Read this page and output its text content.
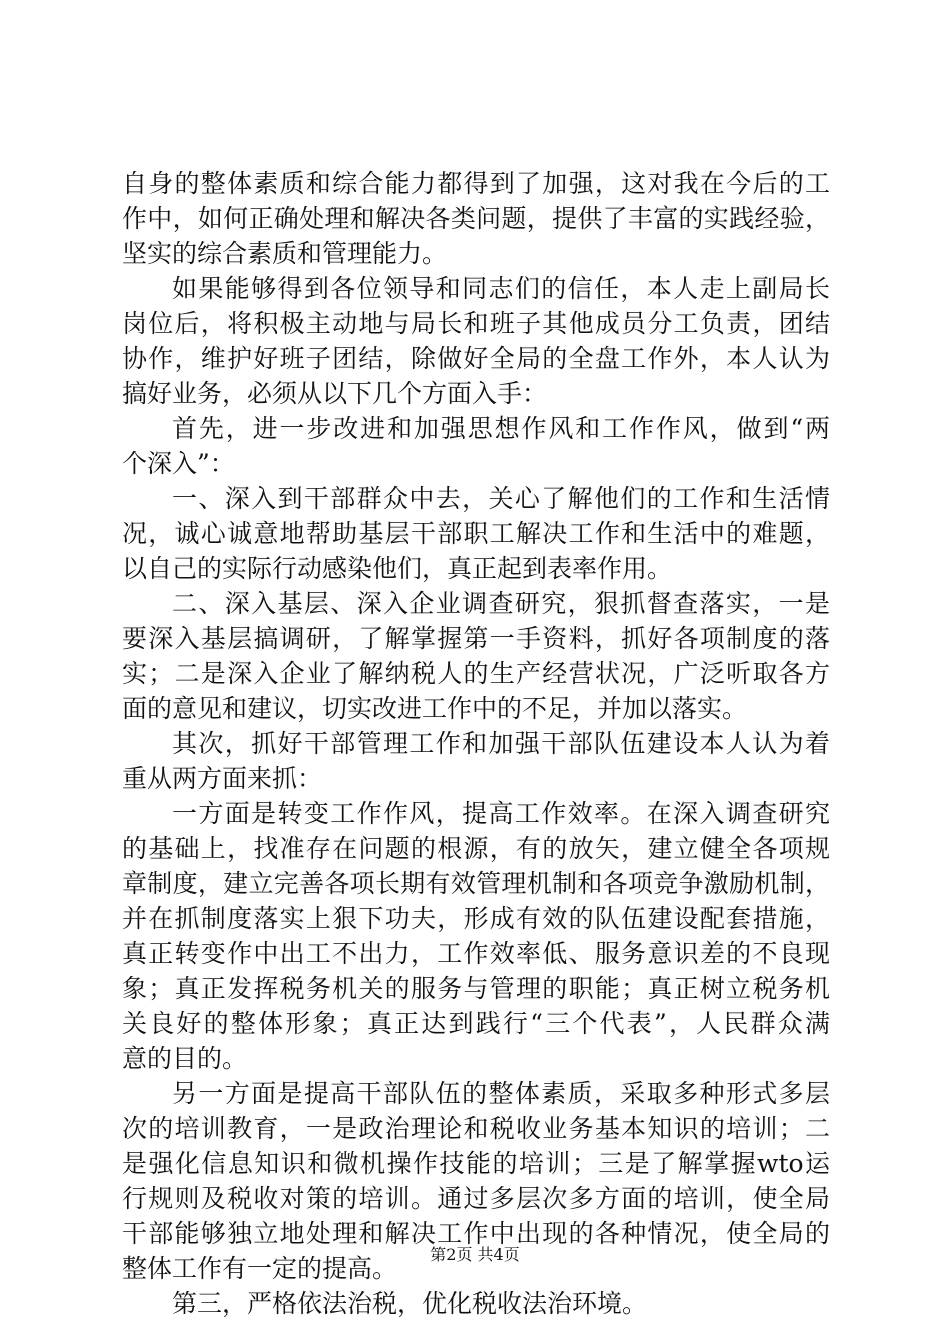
自身的整体素质和综合能力都得到了加强，这对我在今后的工
作中，如何正确处理和解决各类问题，提供了丰富的实践经验，
坚实的综合素质和管理能力。
如果能够得到各位领导和同志们的信任，本人走上副局长
岗位后，将积极主动地与局长和班子其他成员分工负责，团结
协作，维护好班子团结，除做好全局的全盘工作外，本人认为
搞好业务，必须从以下几个方面入手：
首先，进一步改进和加强思想作风和工作作风，做到“两
个深入”：
一、深入到干部群众中去，关心了解他们的工作和生活情
况，诚心诚意地帮助基层干部职工解决工作和生活中的难题，
以自己的实际行动感染他们，真正起到表率作用。
二、深入基层、深入企业调查研究，狠抓督查落实，一是
要深入基层搞调研，了解掌握第一手资料，抓好各项制度的落
实；二是深入企业了解纳税人的生产经营状况，广泛听取各方
面的意见和建议，切实改进工作中的不足，并加以落实。
其次，抓好干部管理工作和加强干部队伍建设本人认为着
重从两方面来抓：
一方面是转变工作作风，提高工作效率。在深入调查研究
的基础上，找准存在问题的根源，有的放矢，建立健全各项规
章制度，建立完善各项长期有效管理机制和各项竞争激励机制，
并在抓制度落实上狠下功夫，形成有效的队伍建设配套措施，
真正转变作中出工不出力，工作效率低、服务意识差的不良现
象；真正发挥税务机关的服务与管理的职能；真正树立税务机
关良好的整体形象；真正达到践行“三个代表”，人民群众满
意的目的。
另一方面是提高干部队伍的整体素质，采取多种形式多层
次的培训教育，一是政治理论和税收业务基本知识的培训；二
是强化信息知识和微机操作技能的培训；三是了解掌握wto运
行规则及税收对策的培训。通过多层次多方面的培训，使全局
干部能够独立地处理和解决工作中出现的各种情况，使全局的
整体工作有一定的提高。
第三，严格依法治税，优化税收法治环境。
第2页 共4页
